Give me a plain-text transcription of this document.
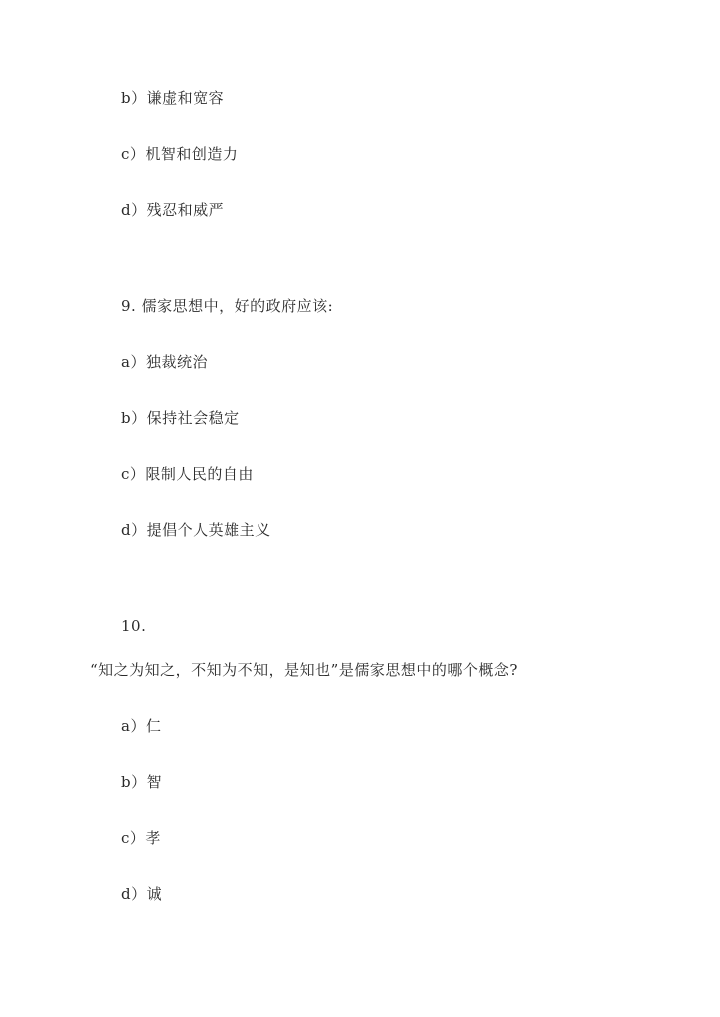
b）谦虚和宽容
c）机智和创造力
d）残忍和威严
9. 儒家思想中，好的政府应该:
a）独裁统治
b）保持社会稳定
c）限制人民的自由
d）提倡个人英雄主义
10.
“知之为知之，不知为不知，是知也”是儒家思想中的哪个概念?
a）仁
b）智
c）孝
d）诚
